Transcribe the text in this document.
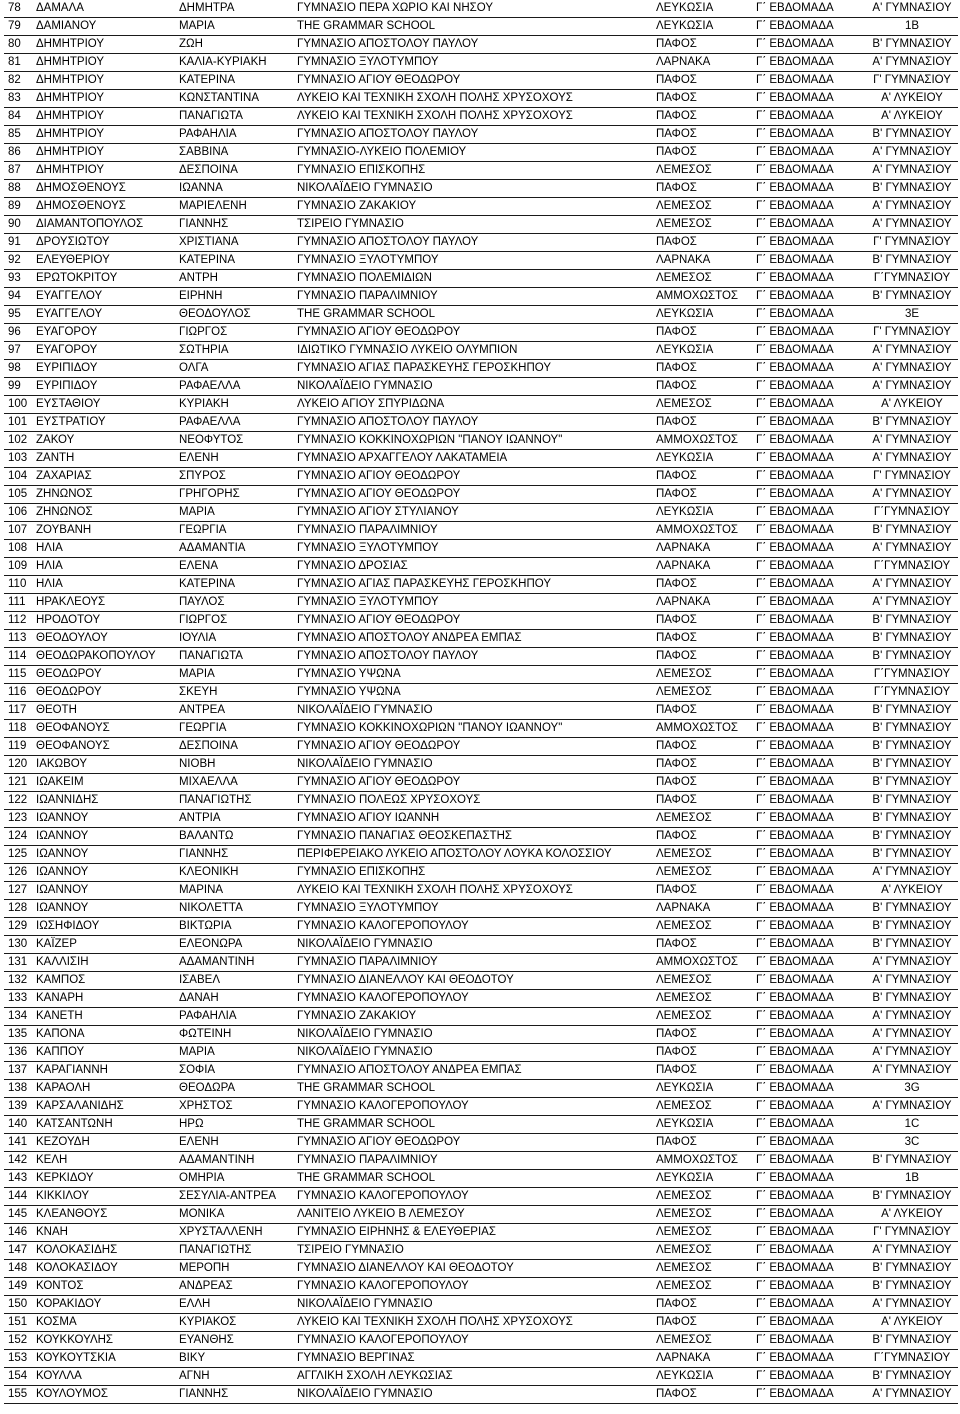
78	ΔΑΜΑΛΑ	ΔΗΜΗΤΡΑ	ΓΥΜΝΑΣΙΟ ΠΕΡΑ ΧΩΡΙΟ ΚΑΙ ΝΗΣΟΥ	ΛΕΥΚΩΣΙΑ	Γ΄ ΕΒΔΟΜΑΔΑ	Α' ΓΥΜΝΑΣΙΟΥ
79	ΔΑΜΙΑΝΟΥ	ΜΑΡΙΑ	THE GRAMMAR SCHOOL	ΛΕΥΚΩΣΙΑ	Γ΄ ΕΒΔΟΜΑΔΑ	1B
80	ΔΗΜΗΤΡΙΟΥ	ΖΩΗ	ΓΥΜΝΑΣΙΟ ΑΠΟΣΤΟΛΟΥ ΠΑΥΛΟΥ	ΠΑΦΟΣ	Γ΄ ΕΒΔΟΜΑΔΑ	Β' ΓΥΜΝΑΣΙΟΥ
81	ΔΗΜΗΤΡΙΟΥ	ΚΑΛΙΑ-ΚΥΡΙΑΚΗ	ΓΥΜΝΑΣΙΟ ΞΥΛΟΤΥΜΠΟΥ	ΛΑΡΝΑΚΑ	Γ΄ ΕΒΔΟΜΑΔΑ	Α' ΓΥΜΝΑΣΙΟΥ
82	ΔΗΜΗΤΡΙΟΥ	ΚΑΤΕΡΙΝΑ	ΓΥΜΝΑΣΙΟ ΑΓΙΟΥ ΘΕΟΔΩΡΟΥ	ΠΑΦΟΣ	Γ΄ ΕΒΔΟΜΑΔΑ	Γ' ΓΥΜΝΑΣΙΟΥ
83	ΔΗΜΗΤΡΙΟΥ	ΚΩΝΣΤΑΝΤΙΝΑ	ΛΥΚΕΙΟ ΚΑΙ ΤΕΧΝΙΚΗ ΣΧΟΛΗ ΠΟΛΗΣ ΧΡΥΣΟΧΟΥΣ	ΠΑΦΟΣ	Γ΄ ΕΒΔΟΜΑΔΑ	Α' ΛΥΚΕΙΟΥ
84	ΔΗΜΗΤΡΙΟΥ	ΠΑΝΑΓΙΩΤΑ	ΛΥΚΕΙΟ ΚΑΙ ΤΕΧΝΙΚΗ ΣΧΟΛΗ ΠΟΛΗΣ ΧΡΥΣΟΧΟΥΣ	ΠΑΦΟΣ	Γ΄ ΕΒΔΟΜΑΔΑ	Α' ΛΥΚΕΙΟΥ
85	ΔΗΜΗΤΡΙΟΥ	ΡΑΦΑΗΛΙΑ	ΓΥΜΝΑΣΙΟ ΑΠΟΣΤΟΛΟΥ ΠΑΥΛΟΥ	ΠΑΦΟΣ	Γ΄ ΕΒΔΟΜΑΔΑ	Β' ΓΥΜΝΑΣΙΟΥ
86	ΔΗΜΗΤΡΙΟΥ	ΣΑΒΒΙΝΑ	ΓΥΜΝΑΣΙΟ-ΛΥΚΕΙΟ ΠΟΛΕΜΙΟΥ	ΠΑΦΟΣ	Γ΄ ΕΒΔΟΜΑΔΑ	Α' ΓΥΜΝΑΣΙΟΥ
87	ΔΗΜΗΤΡΙΟΥ	ΔΕΣΠΟΙΝΑ	ΓΥΜΝΑΣΙΟ ΕΠΙΣΚΟΠΗΣ	ΛΕΜΕΣΟΣ	Γ΄ ΕΒΔΟΜΑΔΑ	Α' ΓΥΜΝΑΣΙΟΥ
88	ΔΗΜΟΣΘΕΝΟΥΣ	ΙΩΑΝΝΑ	ΝΙΚΟΛΑΪΔΕΙΟ ΓΥΜΝΑΣΙΟ	ΠΑΦΟΣ	Γ΄ ΕΒΔΟΜΑΔΑ	Β' ΓΥΜΝΑΣΙΟΥ
89	ΔΗΜΟΣΘΕΝΟΥΣ	ΜΑΡΙΕΛΕΝΗ	ΓΥΜΝΑΣΙΟ ΖΑΚΑΚΙΟΥ	ΛΕΜΕΣΟΣ	Γ΄ ΕΒΔΟΜΑΔΑ	Α' ΓΥΜΝΑΣΙΟΥ
90	ΔΙΑΜΑΝΤΟΠΟΥΛΟΣ	ΓΙΑΝΝΗΣ	ΤΣΙΡΕΙΟ ΓΥΜΝΑΣΙΟ	ΛΕΜΕΣΟΣ	Γ΄ ΕΒΔΟΜΑΔΑ	Α' ΓΥΜΝΑΣΙΟΥ
91	ΔΡΟΥΣΙΩΤΟΥ	ΧΡΙΣΤΙΑΝΑ	ΓΥΜΝΑΣΙΟ ΑΠΟΣΤΟΛΟΥ ΠΑΥΛΟΥ	ΠΑΦΟΣ	Γ΄ ΕΒΔΟΜΑΔΑ	Γ' ΓΥΜΝΑΣΙΟΥ
92	ΕΛΕΥΘΕΡΙΟΥ	ΚΑΤΕΡΙΝΑ	ΓΥΜΝΑΣΙΟ ΞΥΛΟΤΥΜΠΟΥ	ΛΑΡΝΑΚΑ	Γ΄ ΕΒΔΟΜΑΔΑ	Β' ΓΥΜΝΑΣΙΟΥ
93	ΕΡΩΤΟΚΡΙΤΟΥ	ΑΝΤΡΗ	ΓΥΜΝΑΣΙΟ ΠΟΛΕΜΙΔΙΩΝ	ΛΕΜΕΣΟΣ	Γ΄ ΕΒΔΟΜΑΔΑ	Γ΄ΓΥΜΝΑΣΙΟΥ
94	ΕΥΑΓΓΕΛΟΥ	ΕΙΡΗΝΗ	ΓΥΜΝΑΣΙΟ ΠΑΡΑΛΙΜΝΙΟΥ	ΑΜΜΟΧΩΣΤΟΣ	Γ΄ ΕΒΔΟΜΑΔΑ	Β' ΓΥΜΝΑΣΙΟΥ
95	ΕΥΑΓΓΕΛΟΥ	ΘΕΟΔΟΥΛΟΣ	THE GRAMMAR SCHOOL	ΛΕΥΚΩΣΙΑ	Γ΄ ΕΒΔΟΜΑΔΑ	3E
96	ΕΥΑΓΟΡΟΥ	ΓΙΩΡΓΟΣ	ΓΥΜΝΑΣΙΟ ΑΓΙΟΥ ΘΕΟΔΩΡΟΥ	ΠΑΦΟΣ	Γ΄ ΕΒΔΟΜΑΔΑ	Γ' ΓΥΜΝΑΣΙΟΥ
97	ΕΥΑΓΟΡΟΥ	ΣΩΤΗΡΙΑ	ΙΔΙΩΤΙΚΟ ΓΥΜΝΑΣΙΟ ΛΥΚΕΙΟ ΟΛΥΜΠΙΟΝ	ΛΕΥΚΩΣΙΑ	Γ΄ ΕΒΔΟΜΑΔΑ	Α' ΓΥΜΝΑΣΙΟΥ
98	ΕΥΡΙΠΙΔΟΥ	ΟΛΓΑ	ΓΥΜΝΑΣΙΟ ΑΓΙΑΣ ΠΑΡΑΣΚΕΥΗΣ ΓΕΡΟΣΚΗΠΟΥ	ΠΑΦΟΣ	Γ΄ ΕΒΔΟΜΑΔΑ	Α' ΓΥΜΝΑΣΙΟΥ
99	ΕΥΡΙΠΙΔΟΥ	ΡΑΦΑΕΛΛΑ	ΝΙΚΟΛΑΪΔΕΙΟ ΓΥΜΝΑΣΙΟ	ΠΑΦΟΣ	Γ΄ ΕΒΔΟΜΑΔΑ	Α' ΓΥΜΝΑΣΙΟΥ
100	ΕΥΣΤΑΘΙΟΥ	ΚΥΡΙΑΚΗ	ΛΥΚΕΙΟ ΑΓΙΟΥ ΣΠΥΡΙΔΩΝΑ	ΛΕΜΕΣΟΣ	Γ΄ ΕΒΔΟΜΑΔΑ	Α' ΛΥΚΕΙΟΥ
101	ΕΥΣΤΡΑΤΙΟΥ	ΡΑΦΑΕΛΛΑ	ΓΥΜΝΑΣΙΟ ΑΠΟΣΤΟΛΟΥ ΠΑΥΛΟΥ	ΠΑΦΟΣ	Γ΄ ΕΒΔΟΜΑΔΑ	Β' ΓΥΜΝΑΣΙΟΥ
102	ΖΑΚΟΥ	ΝΕΟΦΥΤΟΣ	ΓΥΜΝΑΣΙΟ ΚΟΚΚΙΝΟΧΩΡΙΩΝ "ΠΑΝΟΥ ΙΩΑΝΝΟΥ"	ΑΜΜΟΧΩΣΤΟΣ	Γ΄ ΕΒΔΟΜΑΔΑ	Α' ΓΥΜΝΑΣΙΟΥ
103	ΖΑΝΤΗ	ΕΛΕΝΗ	ΓΥΜΝΑΣΙΟ ΑΡΧΑΓΓΕΛΟΥ ΛΑΚΑΤΑΜΕΙΑ	ΛΕΥΚΩΣΙΑ	Γ΄ ΕΒΔΟΜΑΔΑ	Α' ΓΥΜΝΑΣΙΟΥ
104	ΖΑΧΑΡΙΑΣ	ΣΠΥΡΟΣ	ΓΥΜΝΑΣΙΟ ΑΓΙΟΥ ΘΕΟΔΩΡΟΥ	ΠΑΦΟΣ	Γ΄ ΕΒΔΟΜΑΔΑ	Γ' ΓΥΜΝΑΣΙΟΥ
105	ΖΗΝΩΝΟΣ	ΓΡΗΓΟΡΗΣ	ΓΥΜΝΑΣΙΟ ΑΓΙΟΥ ΘΕΟΔΩΡΟΥ	ΠΑΦΟΣ	Γ΄ ΕΒΔΟΜΑΔΑ	Α' ΓΥΜΝΑΣΙΟΥ
106	ΖΗΝΩΝΟΣ	ΜΑΡΙΑ	ΓΥΜΝΑΣΙΟ ΑΓΙΟΥ ΣΤΥΛΙΑΝΟΥ	ΛΕΥΚΩΣΙΑ	Γ΄ ΕΒΔΟΜΑΔΑ	Γ΄ΓΥΜΝΑΣΙΟΥ
107	ΖΟΥΒΑΝΗ	ΓΕΩΡΓΙΑ	ΓΥΜΝΑΣΙΟ ΠΑΡΑΛΙΜΝΙΟΥ	ΑΜΜΟΧΩΣΤΟΣ	Γ΄ ΕΒΔΟΜΑΔΑ	Β' ΓΥΜΝΑΣΙΟΥ
108	ΗΛΙΑ	ΑΔΑΜΑΝΤΙΑ	ΓΥΜΝΑΣΙΟ ΞΥΛΟΤΥΜΠΟΥ	ΛΑΡΝΑΚΑ	Γ΄ ΕΒΔΟΜΑΔΑ	Α' ΓΥΜΝΑΣΙΟΥ
109	ΗΛΙΑ	ΕΛΕΝΑ	ΓΥΜΝΑΣΙΟ ΔΡΟΣΙΑΣ	ΛΑΡΝΑΚΑ	Γ΄ ΕΒΔΟΜΑΔΑ	Γ΄ΓΥΜΝΑΣΙΟΥ
110	ΗΛΙΑ	ΚΑΤΕΡΙΝΑ	ΓΥΜΝΑΣΙΟ ΑΓΙΑΣ ΠΑΡΑΣΚΕΥΗΣ ΓΕΡΟΣΚΗΠΟΥ	ΠΑΦΟΣ	Γ΄ ΕΒΔΟΜΑΔΑ	Α' ΓΥΜΝΑΣΙΟΥ
111	ΗΡΑΚΛΕΟΥΣ	ΠΑΥΛΟΣ	ΓΥΜΝΑΣΙΟ ΞΥΛΟΤΥΜΠΟΥ	ΛΑΡΝΑΚΑ	Γ΄ ΕΒΔΟΜΑΔΑ	Α' ΓΥΜΝΑΣΙΟΥ
112	ΗΡΟΔΟΤΟΥ	ΓΙΩΡΓΟΣ	ΓΥΜΝΑΣΙΟ ΑΓΙΟΥ ΘΕΟΔΩΡΟΥ	ΠΑΦΟΣ	Γ΄ ΕΒΔΟΜΑΔΑ	Β' ΓΥΜΝΑΣΙΟΥ
113	ΘΕΟΔΟΥΛΟΥ	ΙΟΥΛΙΑ	ΓΥΜΝΑΣΙΟ ΑΠΟΣΤΟΛΟΥ ΑΝΔΡΕΑ ΕΜΠΑΣ	ΠΑΦΟΣ	Γ΄ ΕΒΔΟΜΑΔΑ	Β' ΓΥΜΝΑΣΙΟΥ
114	ΘΕΟΔΩΡΑΚΟΠΟΥΛΟΥ	ΠΑΝΑΓΙΩΤΑ	ΓΥΜΝΑΣΙΟ ΑΠΟΣΤΟΛΟΥ ΠΑΥΛΟΥ	ΠΑΦΟΣ	Γ΄ ΕΒΔΟΜΑΔΑ	Β' ΓΥΜΝΑΣΙΟΥ
115	ΘΕΟΔΩΡΟΥ	ΜΑΡΙΑ	ΓΥΜΝΑΣΙΟ ΥΨΩΝΑ	ΛΕΜΕΣΟΣ	Γ΄ ΕΒΔΟΜΑΔΑ	Γ΄ΓΥΜΝΑΣΙΟΥ
116	ΘΕΟΔΩΡΟΥ	ΣΚΕΥΗ	ΓΥΜΝΑΣΙΟ ΥΨΩΝΑ	ΛΕΜΕΣΟΣ	Γ΄ ΕΒΔΟΜΑΔΑ	Γ΄ΓΥΜΝΑΣΙΟΥ
117	ΘΕΟΤΗ	ΑΝΤΡΕΑ	ΝΙΚΟΛΑΪΔΕΙΟ ΓΥΜΝΑΣΙΟ	ΠΑΦΟΣ	Γ΄ ΕΒΔΟΜΑΔΑ	Β' ΓΥΜΝΑΣΙΟΥ
118	ΘΕΟΦΑΝΟΥΣ	ΓΕΩΡΓΙΑ	ΓΥΜΝΑΣΙΟ ΚΟΚΚΙΝΟΧΩΡΙΩΝ "ΠΑΝΟΥ ΙΩΑΝΝΟΥ"	ΑΜΜΟΧΩΣΤΟΣ	Γ΄ ΕΒΔΟΜΑΔΑ	Β' ΓΥΜΝΑΣΙΟΥ
119	ΘΕΟΦΑΝΟΥΣ	ΔΕΣΠΟΙΝΑ	ΓΥΜΝΑΣΙΟ ΑΓΙΟΥ ΘΕΟΔΩΡΟΥ	ΠΑΦΟΣ	Γ΄ ΕΒΔΟΜΑΔΑ	Β' ΓΥΜΝΑΣΙΟΥ
120	ΙΑΚΩΒΟΥ	ΝΙΟΒΗ	ΝΙΚΟΛΑΪΔΕΙΟ ΓΥΜΝΑΣΙΟ	ΠΑΦΟΣ	Γ΄ ΕΒΔΟΜΑΔΑ	Β' ΓΥΜΝΑΣΙΟΥ
121	ΙΩΑΚΕΙΜ	ΜΙΧΑΕΛΛΑ	ΓΥΜΝΑΣΙΟ ΑΓΙΟΥ ΘΕΟΔΩΡΟΥ	ΠΑΦΟΣ	Γ΄ ΕΒΔΟΜΑΔΑ	Β' ΓΥΜΝΑΣΙΟΥ
122	ΙΩΑΝΝΙΔΗΣ	ΠΑΝΑΓΙΩΤΗΣ	ΓΥΜΝΑΣΙΟ ΠΟΛΕΩΣ ΧΡΥΣΟΧΟΥΣ	ΠΑΦΟΣ	Γ΄ ΕΒΔΟΜΑΔΑ	Β' ΓΥΜΝΑΣΙΟΥ
123	ΙΩΑΝΝΟΥ	ΑΝΤΡΙΑ	ΓΥΜΝΑΣΙΟ ΑΓΙΟΥ ΙΩΑΝΝΗ	ΛΕΜΕΣΟΣ	Γ΄ ΕΒΔΟΜΑΔΑ	Β' ΓΥΜΝΑΣΙΟΥ
124	ΙΩΑΝΝΟΥ	ΒΑΛΑΝΤΩ	ΓΥΜΝΑΣΙΟ ΠΑΝΑΓΙΑΣ ΘΕΟΣΚΕΠΑΣΤΗΣ	ΠΑΦΟΣ	Γ΄ ΕΒΔΟΜΑΔΑ	Β' ΓΥΜΝΑΣΙΟΥ
125	ΙΩΑΝΝΟΥ	ΓΙΑΝΝΗΣ	ΠΕΡΙΦΕΡΕΙΑΚΟ ΛΥΚΕΙΟ ΑΠΟΣΤΟΛΟΥ ΛΟΥΚΑ ΚΟΛΟΣΣΙΟΥ	ΛΕΜΕΣΟΣ	Γ΄ ΕΒΔΟΜΑΔΑ	Β' ΓΥΜΝΑΣΙΟΥ
126	ΙΩΑΝΝΟΥ	ΚΛΕΟΝΙΚΗ	ΓΥΜΝΑΣΙΟ ΕΠΙΣΚΟΠΗΣ	ΛΕΜΕΣΟΣ	Γ΄ ΕΒΔΟΜΑΔΑ	Α' ΓΥΜΝΑΣΙΟΥ
127	ΙΩΑΝΝΟΥ	ΜΑΡΙΝΑ	ΛΥΚΕΙΟ ΚΑΙ ΤΕΧΝΙΚΗ ΣΧΟΛΗ ΠΟΛΗΣ ΧΡΥΣΟΧΟΥΣ	ΠΑΦΟΣ	Γ΄ ΕΒΔΟΜΑΔΑ	Α' ΛΥΚΕΙΟΥ
128	ΙΩΑΝΝΟΥ	ΝΙΚΟΛΕΤΤΑ	ΓΥΜΝΑΣΙΟ ΞΥΛΟΤΥΜΠΟΥ	ΛΑΡΝΑΚΑ	Γ΄ ΕΒΔΟΜΑΔΑ	Β' ΓΥΜΝΑΣΙΟΥ
129	ΙΩΣΗΦΙΔΟΥ	ΒΙΚΤΩΡΙΑ	ΓΥΜΝΑΣΙΟ ΚΑΛΟΓΕΡΟΠΟΥΛΟΥ	ΛΕΜΕΣΟΣ	Γ΄ ΕΒΔΟΜΑΔΑ	Β' ΓΥΜΝΑΣΙΟΥ
130	ΚΑΪΖΕΡ	ΕΛΕΟΝΩΡΑ	ΝΙΚΟΛΑΪΔΕΙΟ ΓΥΜΝΑΣΙΟ	ΠΑΦΟΣ	Γ΄ ΕΒΔΟΜΑΔΑ	Β' ΓΥΜΝΑΣΙΟΥ
131	ΚΑΛΛΙΣΙΗ	ΑΔΑΜΑΝΤΙΝΗ	ΓΥΜΝΑΣΙΟ ΠΑΡΑΛΙΜΝΙΟΥ	ΑΜΜΟΧΩΣΤΟΣ	Γ΄ ΕΒΔΟΜΑΔΑ	Α' ΓΥΜΝΑΣΙΟΥ
132	ΚΑΜΠΟΣ	ΙΣΑΒΕΛ	ΓΥΜΝΑΣΙΟ ΔΙΑΝΕΛΛΟΥ ΚΑΙ ΘΕΟΔΟΤΟΥ	ΛΕΜΕΣΟΣ	Γ΄ ΕΒΔΟΜΑΔΑ	Α' ΓΥΜΝΑΣΙΟΥ
133	ΚΑΝΑΡΗ	ΔΑΝΑΗ	ΓΥΜΝΑΣΙΟ ΚΑΛΟΓΕΡΟΠΟΥΛΟΥ	ΛΕΜΕΣΟΣ	Γ΄ ΕΒΔΟΜΑΔΑ	Β' ΓΥΜΝΑΣΙΟΥ
134	ΚΑΝΕΤΗ	ΡΑΦΑΗΛΙΑ	ΓΥΜΝΑΣΙΟ ΖΑΚΑΚΙΟΥ	ΛΕΜΕΣΟΣ	Γ΄ ΕΒΔΟΜΑΔΑ	Α' ΓΥΜΝΑΣΙΟΥ
135	ΚΑΠΟΝΑ	ΦΩΤΕΙΝΗ	ΝΙΚΟΛΑΪΔΕΙΟ ΓΥΜΝΑΣΙΟ	ΠΑΦΟΣ	Γ΄ ΕΒΔΟΜΑΔΑ	Α' ΓΥΜΝΑΣΙΟΥ
136	ΚΑΠΠΟΥ	ΜΑΡΙΑ	ΝΙΚΟΛΑΪΔΕΙΟ ΓΥΜΝΑΣΙΟ	ΠΑΦΟΣ	Γ΄ ΕΒΔΟΜΑΔΑ	Α' ΓΥΜΝΑΣΙΟΥ
137	ΚΑΡΑΓΙΑΝΝΗ	ΣΟΦΙΑ	ΓΥΜΝΑΣΙΟ ΑΠΟΣΤΟΛΟΥ ΑΝΔΡΕΑ ΕΜΠΑΣ	ΠΑΦΟΣ	Γ΄ ΕΒΔΟΜΑΔΑ	Α' ΓΥΜΝΑΣΙΟΥ
138	ΚΑΡΑΟΛΗ	ΘΕΟΔΩΡΑ	THE GRAMMAR SCHOOL	ΛΕΥΚΩΣΙΑ	Γ΄ ΕΒΔΟΜΑΔΑ	3G
139	ΚΑΡΣΑΛΑΝΙΔΗΣ	ΧΡΗΣΤΟΣ	ΓΥΜΝΑΣΙΟ ΚΑΛΟΓΕΡΟΠΟΥΛΟΥ	ΛΕΜΕΣΟΣ	Γ΄ ΕΒΔΟΜΑΔΑ	Α' ΓΥΜΝΑΣΙΟΥ
140	ΚΑΤΣΑΝΤΩΝΗ	ΗΡΩ	THE GRAMMAR SCHOOL	ΛΕΥΚΩΣΙΑ	Γ΄ ΕΒΔΟΜΑΔΑ	1C
141	ΚΕΖΟΥΔΗ	ΕΛΕΝΗ	ΓΥΜΝΑΣΙΟ ΑΓΙΟΥ ΘΕΟΔΩΡΟΥ	ΠΑΦΟΣ	Γ΄ ΕΒΔΟΜΑΔΑ	3C
142	ΚΕΛΗ	ΑΔΑΜΑΝΤΙΝΗ	ΓΥΜΝΑΣΙΟ ΠΑΡΑΛΙΜΝΙΟΥ	ΑΜΜΟΧΩΣΤΟΣ	Γ΄ ΕΒΔΟΜΑΔΑ	Β' ΓΥΜΝΑΣΙΟΥ
143	ΚΕΡΚΙΔΟΥ	ΟΜΗΡΙΑ	THE GRAMMAR SCHOOL	ΛΕΥΚΩΣΙΑ	Γ΄ ΕΒΔΟΜΑΔΑ	1B
144	ΚΙΚΚΙΛΟΥ	ΣΕΣΥΛΙΑ-ΑΝΤΡΕΑ	ΓΥΜΝΑΣΙΟ ΚΑΛΟΓΕΡΟΠΟΥΛΟΥ	ΛΕΜΕΣΟΣ	Γ΄ ΕΒΔΟΜΑΔΑ	Β' ΓΥΜΝΑΣΙΟΥ
145	ΚΛΕΑΝΘΟΥΣ	ΜΟΝΙΚΑ	ΛΑΝΙΤΕΙΟ ΛΥΚΕΙΟ Β ΛΕΜΕΣΟΥ	ΛΕΜΕΣΟΣ	Γ΄ ΕΒΔΟΜΑΔΑ	Α' ΛΥΚΕΙΟΥ
146	ΚΝΑΗ	ΧΡΥΣΤΑΛΛΕΝΗ	ΓΥΜΝΑΣΙΟ ΕΙΡΗΝΗΣ & ΕΛΕΥΘΕΡΙΑΣ	ΛΕΜΕΣΟΣ	Γ΄ ΕΒΔΟΜΑΔΑ	Γ' ΓΥΜΝΑΣΙΟΥ
147	ΚΟΛΟΚΑΣΙΔΗΣ	ΠΑΝΑΓΙΩΤΗΣ	ΤΣΙΡΕΙΟ ΓΥΜΝΑΣΙΟ	ΛΕΜΕΣΟΣ	Γ΄ ΕΒΔΟΜΑΔΑ	Α' ΓΥΜΝΑΣΙΟΥ
148	ΚΟΛΟΚΑΣΙΔΟΥ	ΜΕΡΟΠΗ	ΓΥΜΝΑΣΙΟ ΔΙΑΝΕΛΛΟΥ ΚΑΙ ΘΕΟΔΟΤΟΥ	ΛΕΜΕΣΟΣ	Γ΄ ΕΒΔΟΜΑΔΑ	Β' ΓΥΜΝΑΣΙΟΥ
149	ΚΟΝΤΟΣ	ΑΝΔΡΕΑΣ	ΓΥΜΝΑΣΙΟ ΚΑΛΟΓΕΡΟΠΟΥΛΟΥ	ΛΕΜΕΣΟΣ	Γ΄ ΕΒΔΟΜΑΔΑ	Β' ΓΥΜΝΑΣΙΟΥ
150	ΚΟΡΑΚΙΔΟΥ	ΕΛΛΗ	ΝΙΚΟΛΑΪΔΕΙΟ ΓΥΜΝΑΣΙΟ	ΠΑΦΟΣ	Γ΄ ΕΒΔΟΜΑΔΑ	Α' ΓΥΜΝΑΣΙΟΥ
151	ΚΟΣΜΑ	ΚΥΡΙΑΚΟΣ	ΛΥΚΕΙΟ ΚΑΙ ΤΕΧΝΙΚΗ ΣΧΟΛΗ ΠΟΛΗΣ ΧΡΥΣΟΧΟΥΣ	ΠΑΦΟΣ	Γ΄ ΕΒΔΟΜΑΔΑ	Α' ΛΥΚΕΙΟΥ
152	ΚΟΥΚΚΟΥΛΗΣ	ΕΥΑΝΘΗΣ	ΓΥΜΝΑΣΙΟ ΚΑΛΟΓΕΡΟΠΟΥΛΟΥ	ΛΕΜΕΣΟΣ	Γ΄ ΕΒΔΟΜΑΔΑ	Β' ΓΥΜΝΑΣΙΟΥ
153	ΚΟΥΚΟΥΤΣΚΙΑ	ΒΙΚΥ	ΓΥΜΝΑΣΙΟ ΒΕΡΓΙΝΑΣ	ΛΑΡΝΑΚΑ	Γ΄ ΕΒΔΟΜΑΔΑ	Γ΄ΓΥΜΝΑΣΙΟΥ
154	ΚΟΥΛΛΑ	ΑΓΝΗ	ΑΓΓΛΙΚΗ ΣΧΟΛΗ ΛΕΥΚΩΣΙΑΣ	ΛΕΥΚΩΣΙΑ	Γ΄ ΕΒΔΟΜΑΔΑ	Β' ΓΥΜΝΑΣΙΟΥ
155	ΚΟΥΛΟΥΜΟΣ	ΓΙΑΝΝΗΣ	ΝΙΚΟΛΑΪΔΕΙΟ ΓΥΜΝΑΣΙΟ	ΠΑΦΟΣ	Γ΄ ΕΒΔΟΜΑΔΑ	Α' ΓΥΜΝΑΣΙΟΥ
